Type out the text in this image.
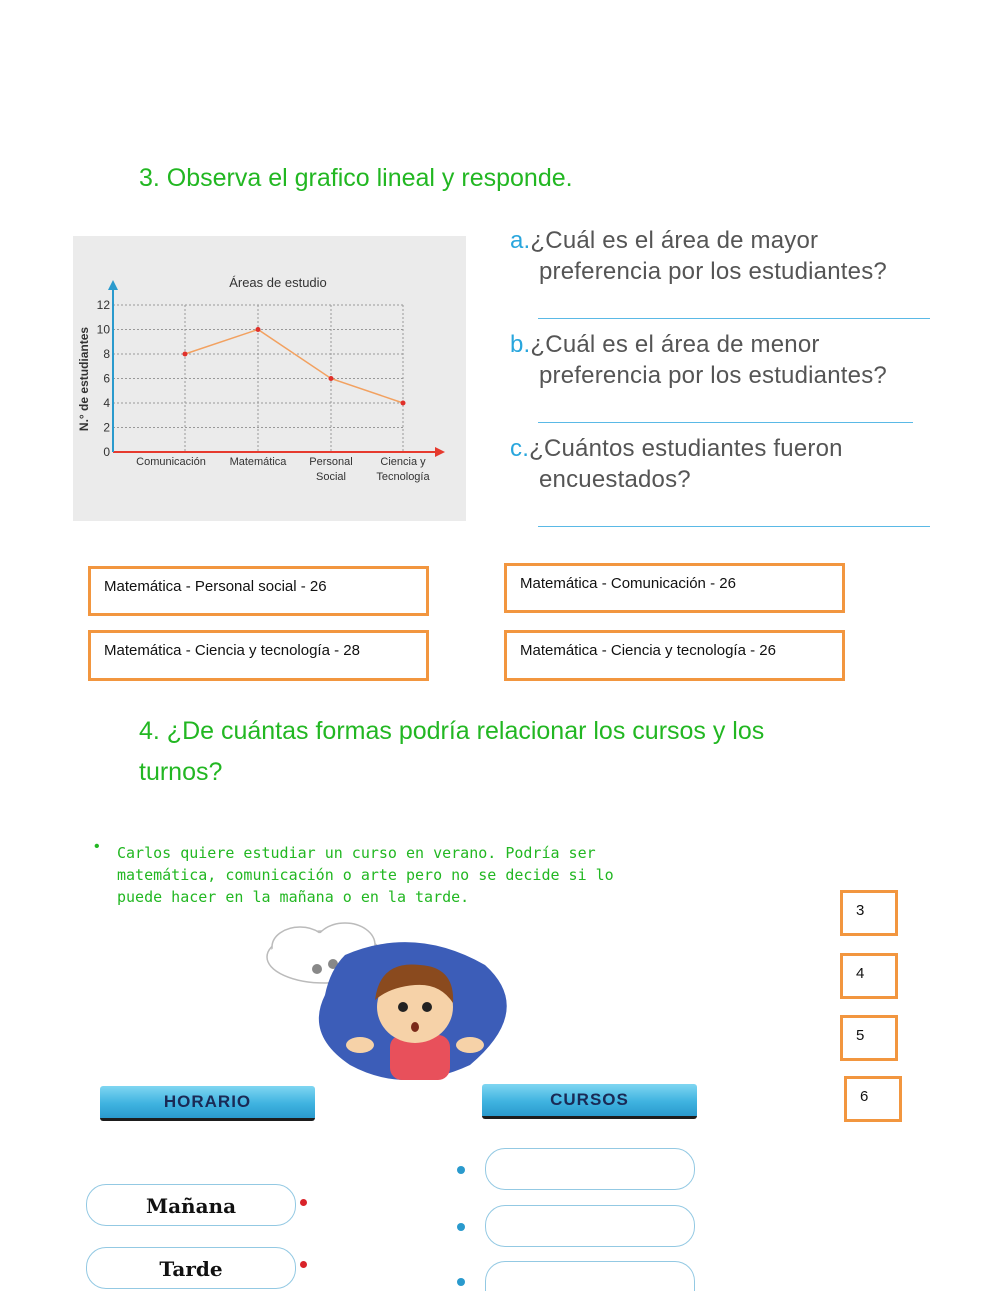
3. Observa el grafico lineal y responde.
Áreas de estudio
0
2
4
6
8
10
12
N.° de estudiantes
Comunicación Matemática Personal
Social
Ciencia y
Tecnología
a.¿Cuál es el área de mayor
preferencia por los estudiantes?
b.¿Cuál es el área de menor
preferencia por los estudiantes?
c.¿Cuántos estudiantes fueron
encuestados?
Matemática - Personal social - 26	Matemática - Comunicación - 26
Matemática - Ciencia y tecnología - 28	Matemática - Ciencia y tecnología - 26
4. ¿De cuántas formas podría relacionar los cursos y los
turnos?
• Carlos quiere estudiar un curso en verano. Podría ser
matemática, comunicación o arte pero no se decide si lo
puede hacer en la mañana o en la tarde.
3
4
5
6
HORARIO	CURSOS
Mañana
Tarde
